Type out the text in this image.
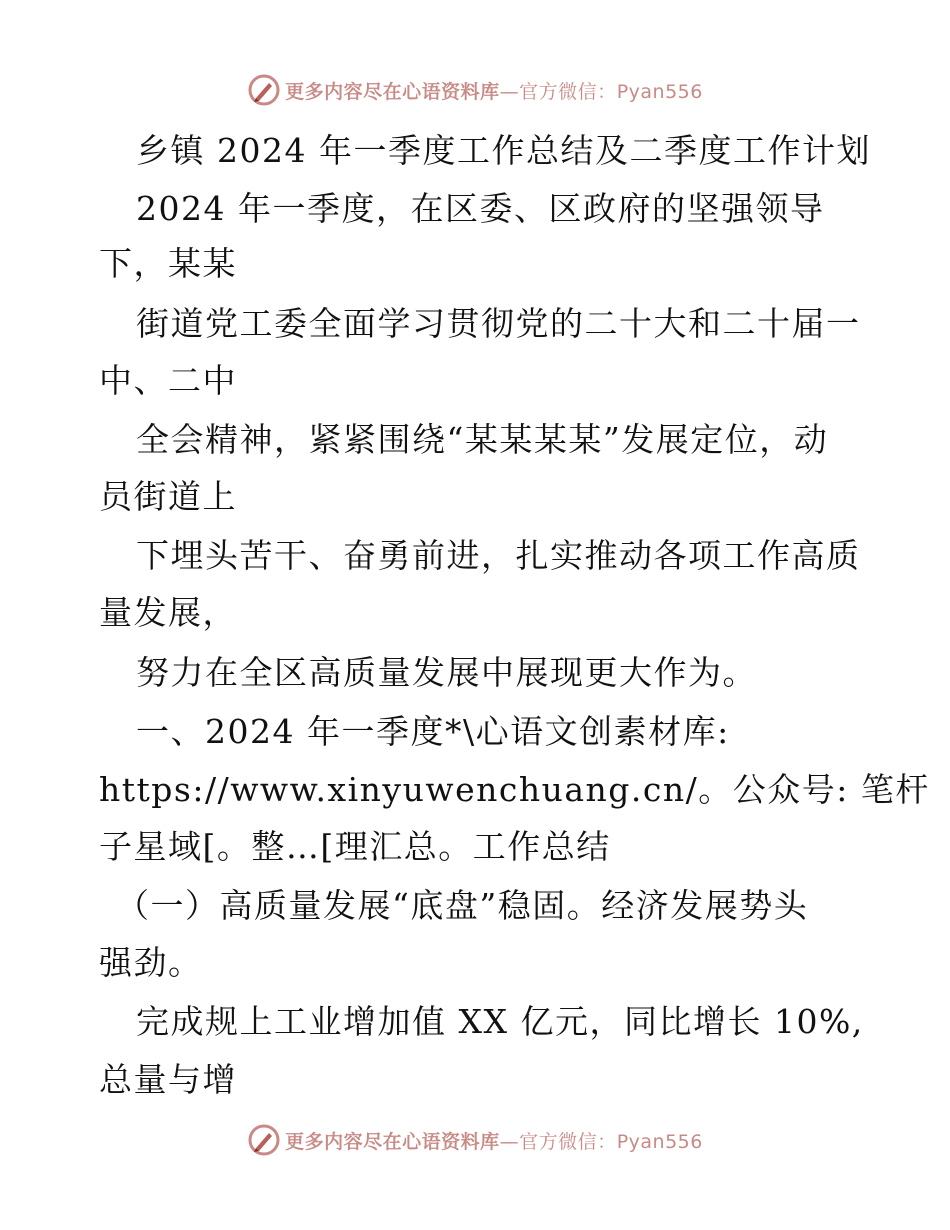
更多内容尽在心语资料库—官方微信：Pyan556
乡镇 2024 年一季度工作总结及二季度工作计划
2024 年一季度，在区委、区政府的坚强领导
下，某某
街道党工委全面学习贯彻党的二十大和二十届一
中、二中
全会精神，紧紧围绕“某某某某”发展定位，动
员街道上
下埋头苦干、奋勇前进，扎实推动各项工作高质
量发展，
努力在全区高质量发展中展现更大作为。
一、2024 年一季度*\心语文创素材库:
https://www.xinyuwenchuang.cn/。公众号: 笔杆
子星域[。整…[理汇总。工作总结
（一）高质量发展“底盘”稳固。经济发展势头
强劲。
完成规上工业增加值 XX 亿元，同比增长 10%,
总量与增
更多内容尽在心语资料库—官方微信：Pyan556
